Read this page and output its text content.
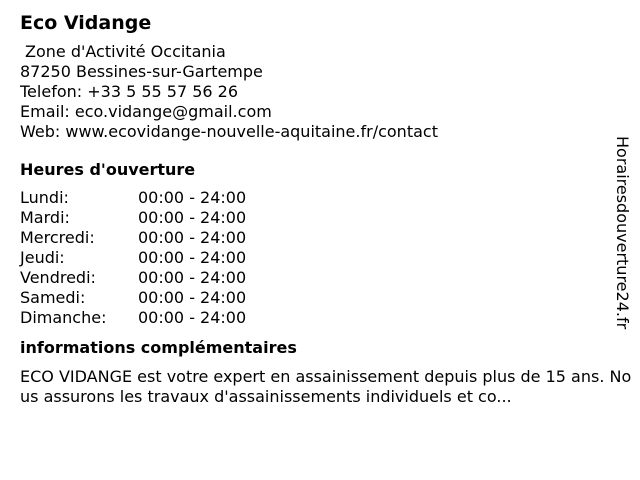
Eco Vidange
Zone d'Activité Occitania
87250 Bessines-sur-Gartempe
Telefon: +33 5 55 57 56 26
Email: eco.vidange@gmail.com
Web: www.ecovidange-nouvelle-aquitaine.fr/contact
Heures d'ouverture
Lundi:	00:00 - 24:00
Mardi:	00:00 - 24:00
Mercredi:	00:00 - 24:00
Jeudi:	00:00 - 24:00
Vendredi:	00:00 - 24:00
Samedi:	00:00 - 24:00
Dimanche:	00:00 - 24:00
informations complémentaires
ECO VIDANGE est votre expert en assainissement depuis plus de 15 ans. Nous assurons les travaux d'assainissements individuels et co...
Horairesdouverture24.fr
